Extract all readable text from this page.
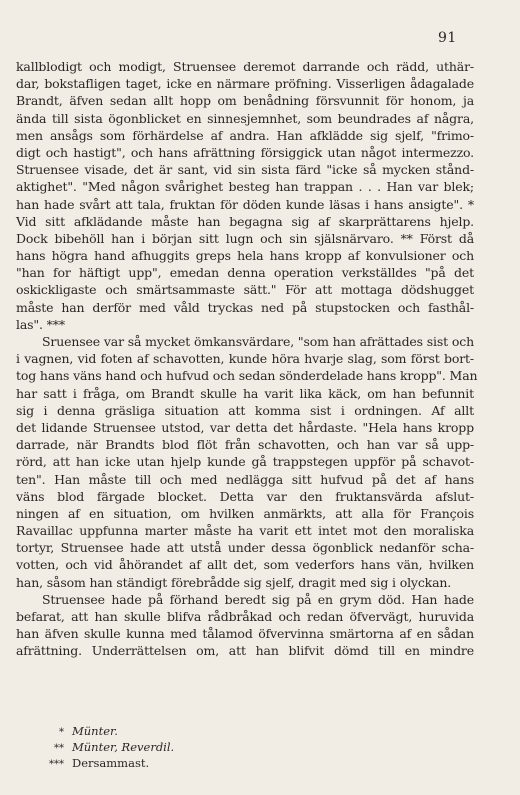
91
kallblodigt och modigt, Struensee deremot darrande och rädd, uthär-
dar, bokstafligen taget, icke en närmare pröfning. Visserligen ådagalade
Brandt, äfven sedan allt hopp om benådning försvunnit för honom, ja
ända till sista ögonblicket en sinnesjemnhet, som beundrades af några,
men ansågs som förhärdelse af andra. Han afklädde sig sjelf, "frimo-
digt och hastigt", och hans afrättning försiggick utan något intermezzo.
Struensee visade, det är sant, vid sin sista färd "icke så mycken stånd-
aktighet". "Med någon svårighet besteg han trappan . . . Han var blek;
han hade svårt att tala, fruktan för döden kunde läsas i hans ansigte". *
Vid sitt afklädande måste han begagna sig af skarprättarens hjelp.
Dock bibehöll han i början sitt lugn och sin själsnärvaro. ** Först då
hans högra hand afhuggits greps hela hans kropp af konvulsioner och
"han for häftigt upp", emedan denna operation verkställdes "på det
oskickligaste och smärtsammaste sätt." För att mottaga dödshugget
måste han derför med våld tryckas ned på stupstocken och fasthål-
las". ***
Sruensee var så mycket ömkansvärdare, "som han afrättades sist och
i vagnen, vid foten af schavotten, kunde höra hvarje slag, som först bort-
tog hans väns hand och hufvud och sedan sönderdelade hans kropp". Man
har satt i fråga, om Brandt skulle ha varit lika käck, om han befunnit
sig i denna gräsliga situation att komma sist i ordningen. Af allt
det lidande Struensee utstod, var detta det hårdaste. "Hela hans kropp
darrade, när Brandts blod flöt från schavotten, och han var så upp-
rörd, att han icke utan hjelp kunde gå trappstegen uppför på schavot-
ten". Han måste till och med nedlägga sitt hufvud på det af hans
väns blod färgade blocket. Detta var den fruktansvärda afslut-
ningen af en situation, om hvilken anmärkts, att alla för François
Ravaillac uppfunna marter måste ha varit ett intet mot den moraliska
tortyr, Struensee hade att utstå under dessa ögonblick nedanför scha-
votten, och vid åhörandet af allt det, som vederfors hans vän, hvilken
han, såsom han ständigt förebrådde sig sjelf, dragit med sig i olyckan.
Struensee hade på förhand beredt sig på en grym död. Han hade
befarat, att han skulle blifva rådbråkad och redan öfvervägt, huruvida
han äfven skulle kunna med tålamod öfvervinna smärtorna af en sådan
afrättning. Underrättelsen om, att han blifvit dömd till en mindre
* Münter.
** Münter, Reverdil.
*** Dersammast.
